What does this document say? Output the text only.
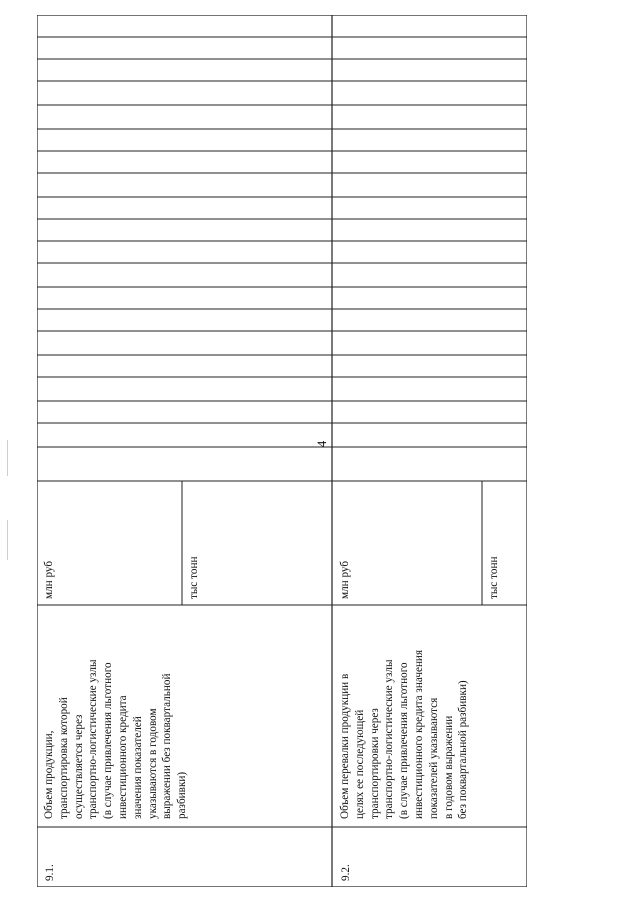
4
9.1.
Объем продукции, транспортировка которой осуществляется через транспортно-логистические узлы (в случае привлечения льготного инвестиционного кредита значения показателей указываются в годовом выражении без поквартальной разбивки)
млн руб	тыс тонн
9.2.
Объем перевалки продукции в целях ее последующей транспортировки через транспортно-логистические узлы (в случае привлечения льготного инвестиционного кредита значения показателей указываются в годовом выражении без поквартальной разбивки)
млн руб	тыс тонн
